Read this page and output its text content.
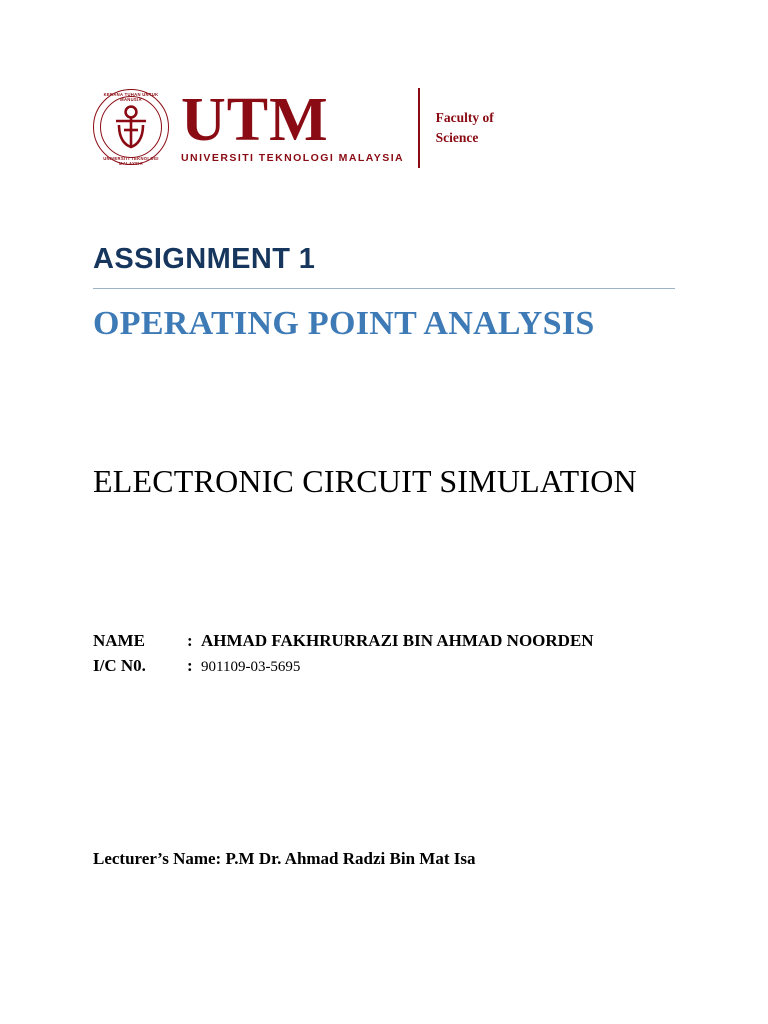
KERANA TUHAN UNTUK MANUSIA
UNIVERSITI TEKNOLOGI MALAYSIA
UTM
UNIVERSITI TEKNOLOGI MALAYSIA
Faculty of
Science
ASSIGNMENT 1
OPERATING POINT ANALYSIS
ELECTRONIC CIRCUIT SIMULATION
NAME	: AHMAD FAKHRURRAZI BIN AHMAD NOORDEN
I/C N0.	: 901109-03-5695
Lecturer’s Name: P.M Dr. Ahmad Radzi Bin Mat Isa
